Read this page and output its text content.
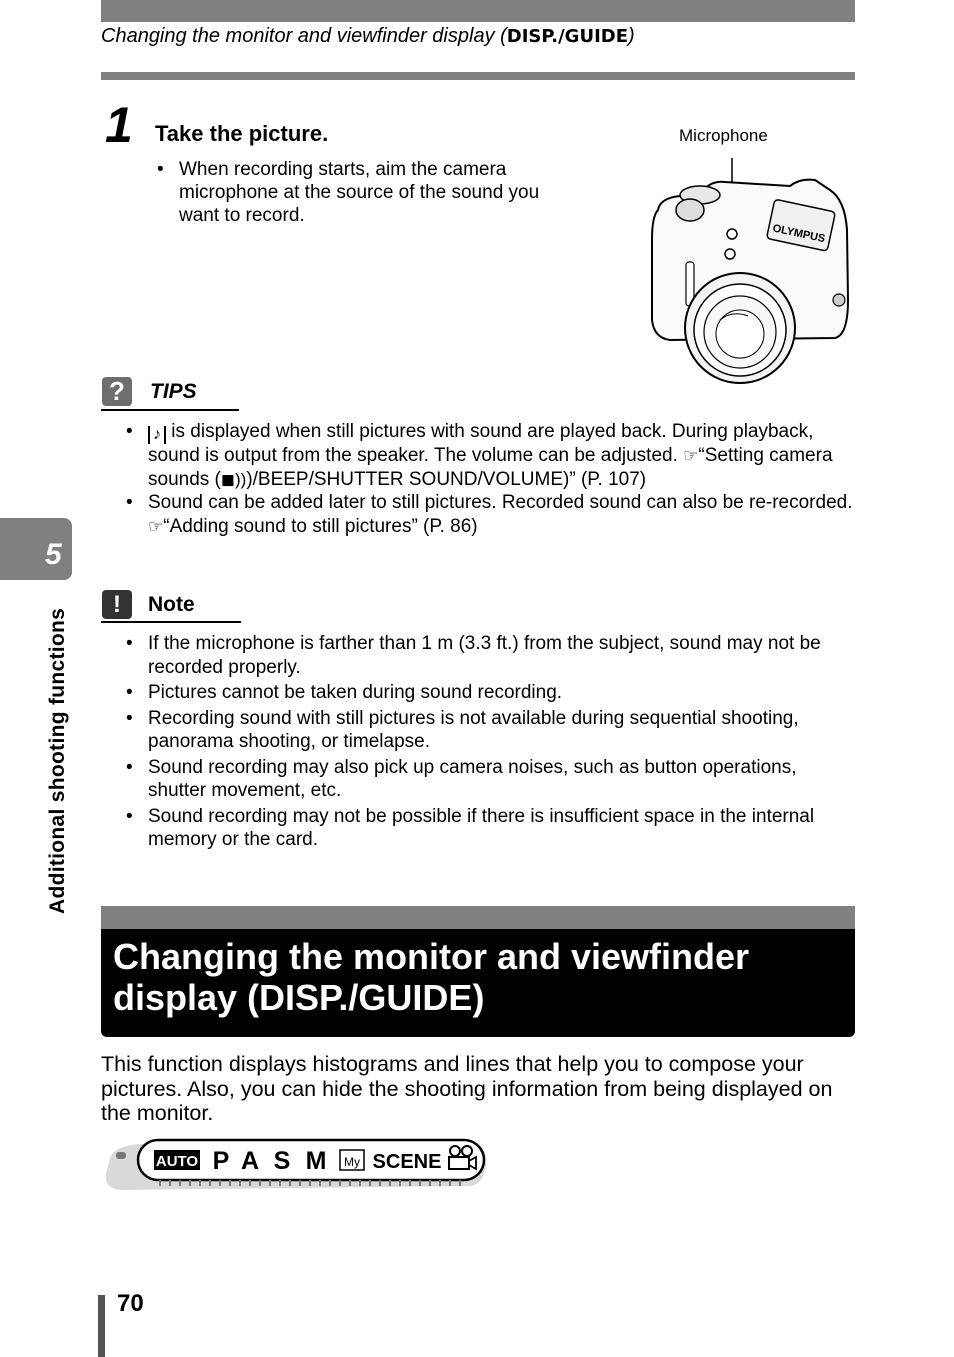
Changing the monitor and viewfinder display (DISP./GUIDE)
1 Take the picture.
• When recording starts, aim the camera microphone at the source of the sound you want to record.
Microphone
OLYMPUS
?	TIPS
• ♪ is displayed when still pictures with sound are played back. During playback, sound is output from the speaker. The volume can be adjusted. ☞“Setting camera sounds (◼)))/BEEP/SHUTTER SOUND/VOLUME)” (P. 107)
• Sound can be added later to still pictures. Recorded sound can also be re-recorded. ☞“Adding sound to still pictures” (P. 86)
!	Note
• If the microphone is farther than 1 m (3.3 ft.) from the subject, sound may not be recorded properly.
• Pictures cannot be taken during sound recording.
• Recording sound with still pictures is not available during sequential shooting, panorama shooting, or timelapse.
• Sound recording may also pick up camera noises, such as button operations, shutter movement, etc.
• Sound recording may not be possible if there is insufficient space in the internal memory or the card.
5
Additional shooting functions
Changing the monitor and viewfinder display (DISP./GUIDE)
This function displays histograms and lines that help you to compose your pictures. Also, you can hide the shooting information from being displayed on the monitor.
AUTO P A S M My SCENE
70
